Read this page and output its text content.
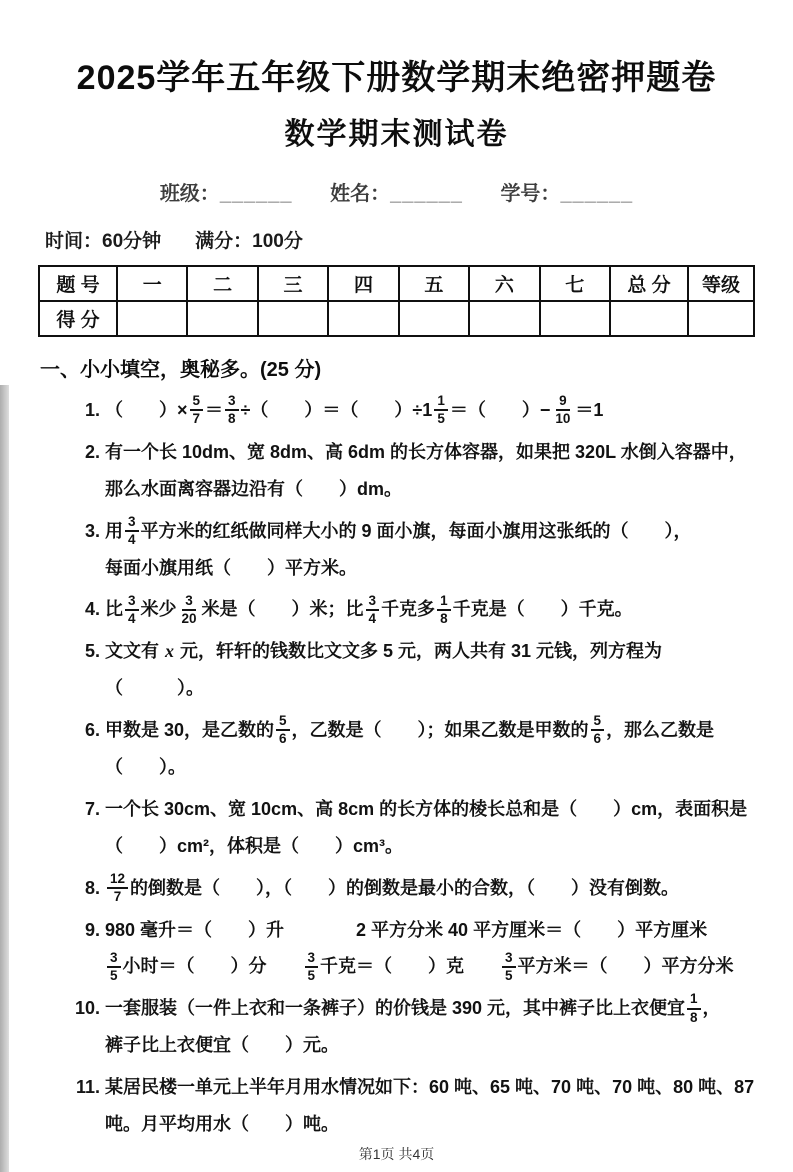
2025学年五年级下册数学期末绝密押题卷
数学期末测试卷
班级：______ 姓名：______ 学号：______
时间：60分钟 满分：100分
题 号	一	二	三	四	五	六	七	总 分	等级
得 分									
一、小小填空，奥秘多。(25 分)
1. （　　）× $\frac{5}{7} = \frac{3}{8}$ ÷（　　）＝（　　）$\div 1 \frac{1}{5}$ ＝（　　）− $\frac{9}{10} =1$
2. 有一个长 10dm、宽 8dm、高 6dm 的长方体容器，如果把 320L 水倒入容器中，
那么水面离容器边沿有（　　）dm。
3. 用 $\frac{3}{4}$ 平方米的红纸做同样大小的 9 面小旗，每面小旗用这张纸的（　　），
每面小旗用纸（　　）平方米。
4. 比 $\frac{3}{4}$ 米少 $\frac{3}{20}$ 米是（　　）米；比 $\frac{3}{4}$ 千克多 $\frac{1}{8}$ 千克是（　　）千克。
5. 文文有 x 元，轩轩的钱数比文文多 5 元，两人共有 31 元钱，列方程为
（　　　）。
6. 甲数是 30，是乙数的 $\frac{5}{6}$ ，乙数是（　　）；如果乙数是甲数的 $\frac{5}{6}$ ，那么乙数是
（　　）。
7. 一个长 30cm、宽 10cm、高 8cm 的长方体的棱长总和是（　　）cm，表面积是
（　　）cm²，体积是（　　）cm³。
8. $\frac{12}{7}$ 的倒数是（　　），（　　）的倒数是最小的合数，（　　）没有倒数。
9. 980 毫升＝（　　）升　　　　2 平方分米 40 平方厘米＝（　　）平方厘米

$\frac{3}{5}$ 小时＝（　　）分　　 $\frac{3}{5}$ 千克＝（　　）克　　 $\frac{3}{5}$ 平方米＝（　　）平方分米
10. 一套服装（一件上衣和一条裤子）的价钱是 390 元，其中裤子比上衣便宜 $\frac{1}{8}$ ，
裤子比上衣便宜（　　）元。
11. 某居民楼一单元上半年月用水情况如下：60 吨、65 吨、70 吨、70 吨、80 吨、87
吨。月平均用水（　　）吨。
第1页 共4页
